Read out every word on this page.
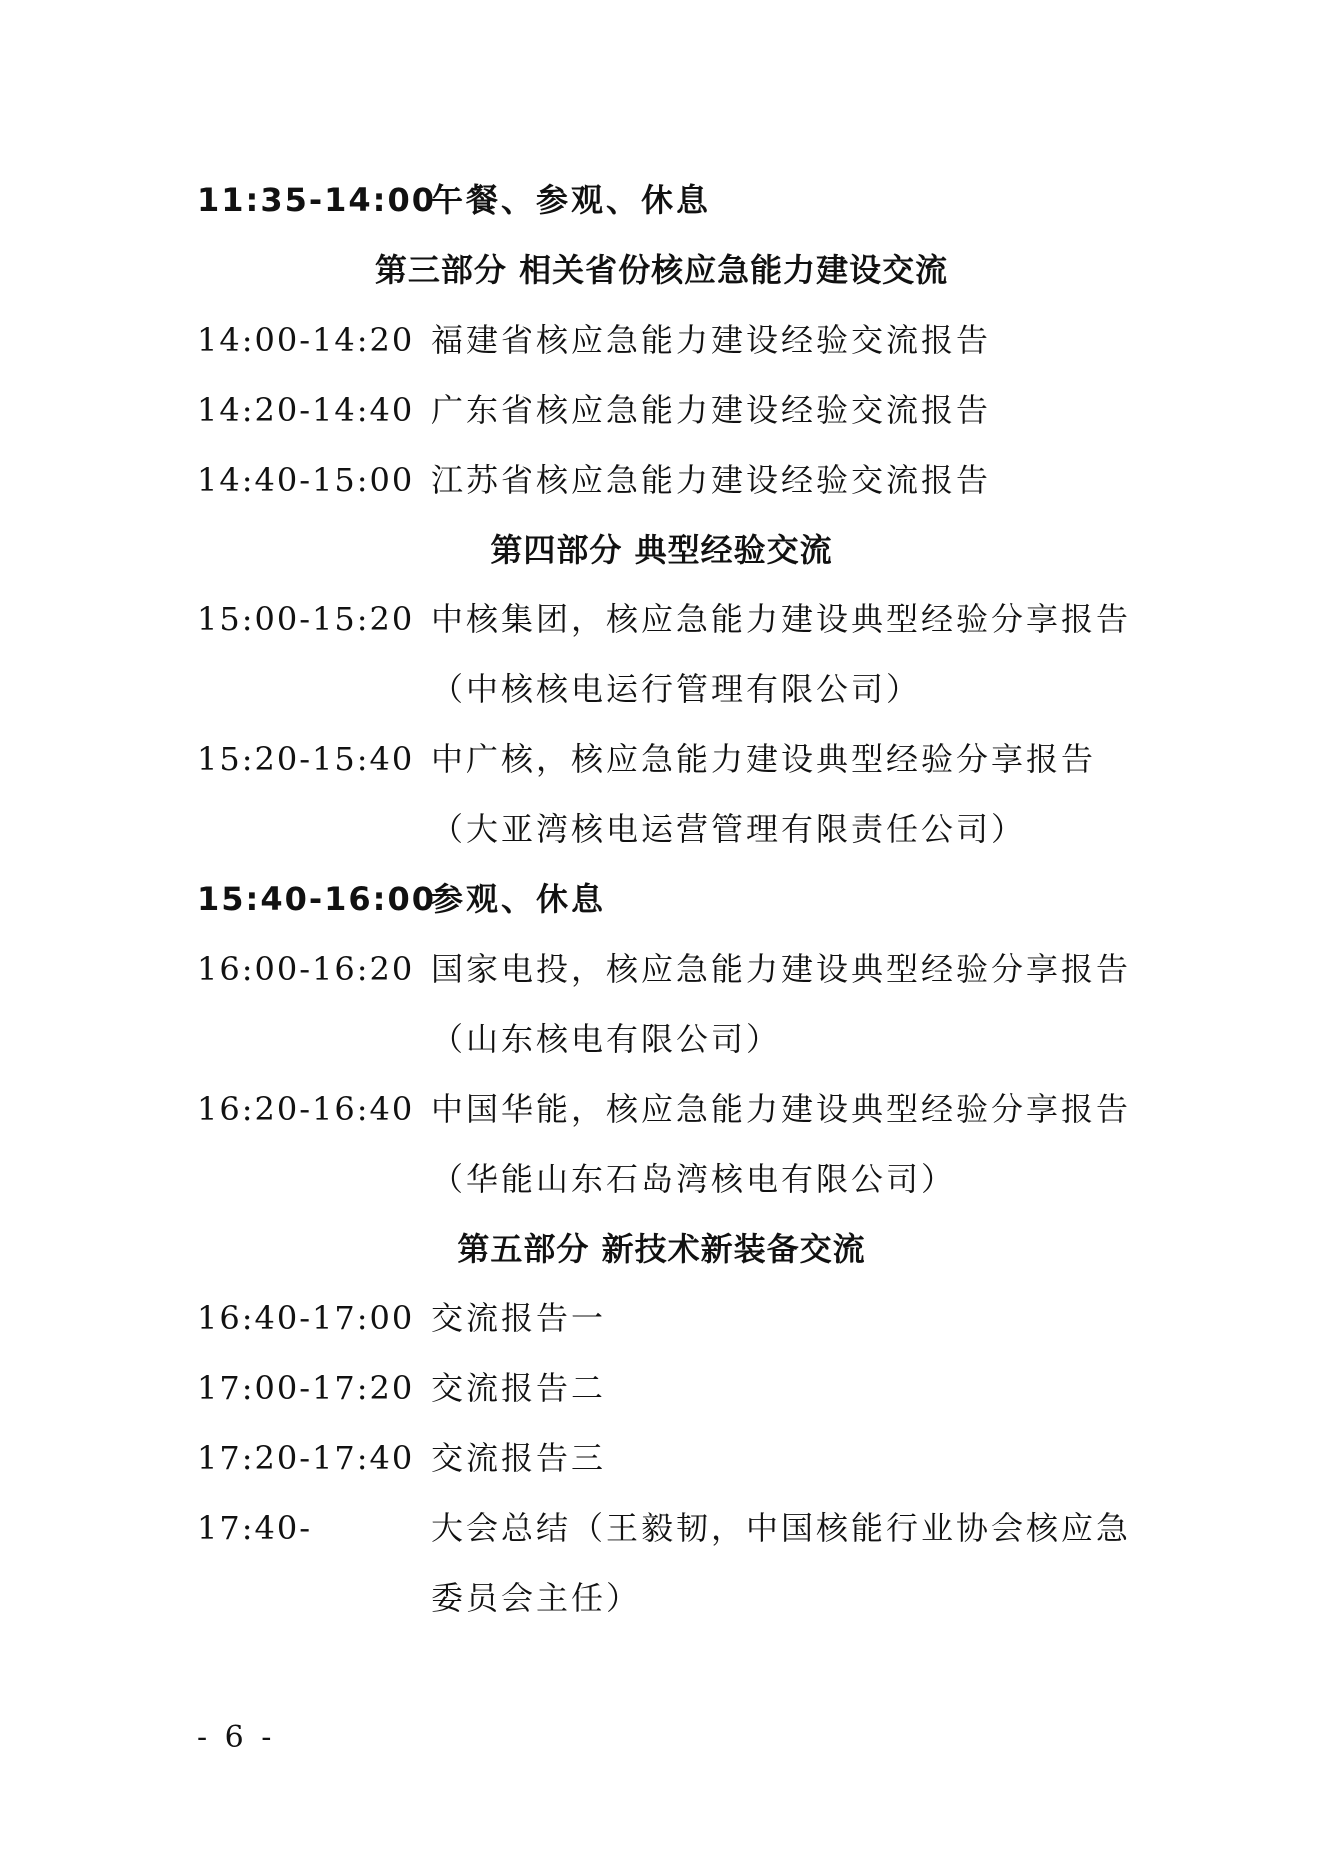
11:35-14:00
午餐、参观、休息
第三部分 相关省份核应急能力建设交流
14:00-14:20 福建省核应急能力建设经验交流报告
14:20-14:40 广东省核应急能力建设经验交流报告
14:40-15:00 江苏省核应急能力建设经验交流报告
第四部分 典型经验交流
15:00-15:20 中核集团，核应急能力建设典型经验分享报告
（中核核电运行管理有限公司）
15:20-15:40 中广核，核应急能力建设典型经验分享报告
（大亚湾核电运营管理有限责任公司）
15:40-16:00
参观、休息
16:00-16:20 国家电投，核应急能力建设典型经验分享报告
（山东核电有限公司）
16:20-16:40 中国华能，核应急能力建设典型经验分享报告
（华能山东石岛湾核电有限公司）
第五部分 新技术新装备交流
16:40-17:00 交流报告一
17:00-17:20 交流报告二
17:20-17:40 交流报告三
17:40-	大会总结（王毅韧，中国核能行业协会核应急
委员会主任）
- 6 -
